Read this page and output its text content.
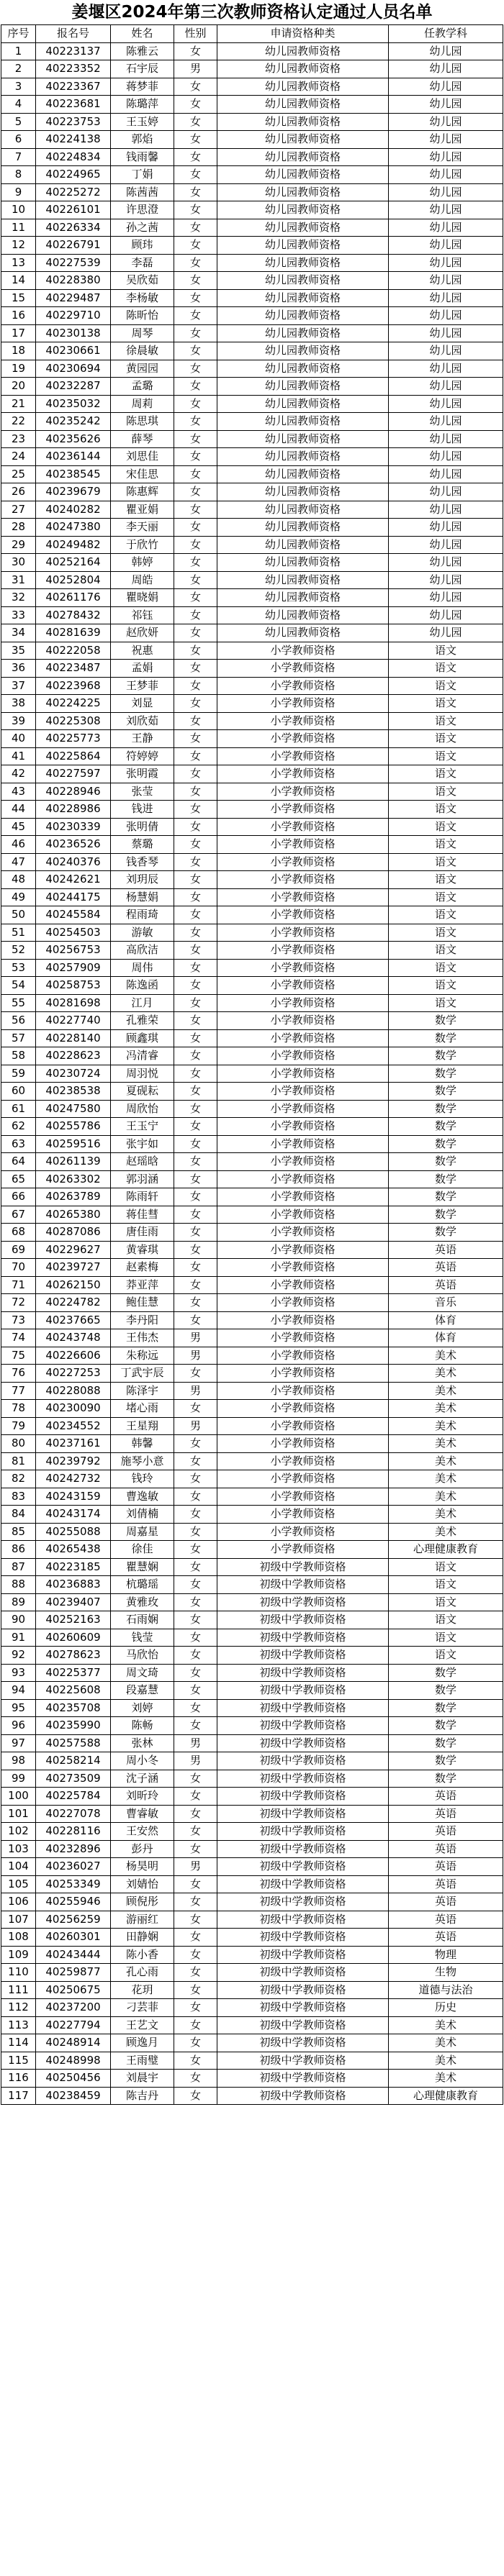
姜堰区2024年第三次教师资格认定通过人员名单
序号	报名号	姓名	性别	申请资格种类	任教学科
1	40223137	陈雅云	女	幼儿园教师资格	幼儿园
2	40223352	石宇辰	男	幼儿园教师资格	幼儿园
3	40223367	蒋梦菲	女	幼儿园教师资格	幼儿园
4	40223681	陈璐萍	女	幼儿园教师资格	幼儿园
5	40223753	王玉婷	女	幼儿园教师资格	幼儿园
6	40224138	郭焰	女	幼儿园教师资格	幼儿园
7	40224834	钱雨馨	女	幼儿园教师资格	幼儿园
8	40224965	丁娟	女	幼儿园教师资格	幼儿园
9	40225272	陈茜茜	女	幼儿园教师资格	幼儿园
10	40226101	许思澄	女	幼儿园教师资格	幼儿园
11	40226334	孙之茜	女	幼儿园教师资格	幼儿园
12	40226791	顾玮	女	幼儿园教师资格	幼儿园
13	40227539	李磊	女	幼儿园教师资格	幼儿园
14	40228380	吴欣茹	女	幼儿园教师资格	幼儿园
15	40229487	李杨敏	女	幼儿园教师资格	幼儿园
16	40229710	陈昕怡	女	幼儿园教师资格	幼儿园
17	40230138	周琴	女	幼儿园教师资格	幼儿园
18	40230661	徐晨敏	女	幼儿园教师资格	幼儿园
19	40230694	黄园园	女	幼儿园教师资格	幼儿园
20	40232287	孟璐	女	幼儿园教师资格	幼儿园
21	40235032	周莉	女	幼儿园教师资格	幼儿园
22	40235242	陈思琪	女	幼儿园教师资格	幼儿园
23	40235626	薛琴	女	幼儿园教师资格	幼儿园
24	40236144	刘思佳	女	幼儿园教师资格	幼儿园
25	40238545	宋佳思	女	幼儿园教师资格	幼儿园
26	40239679	陈惠辉	女	幼儿园教师资格	幼儿园
27	40240282	瞿亚娟	女	幼儿园教师资格	幼儿园
28	40247380	李天丽	女	幼儿园教师资格	幼儿园
29	40249482	于欣竹	女	幼儿园教师资格	幼儿园
30	40252164	韩婷	女	幼儿园教师资格	幼儿园
31	40252804	周皓	女	幼儿园教师资格	幼儿园
32	40261176	瞿晓娟	女	幼儿园教师资格	幼儿园
33	40278432	祁钰	女	幼儿园教师资格	幼儿园
34	40281639	赵欣妍	女	幼儿园教师资格	幼儿园
35	40222058	祝惠	女	小学教师资格	语文
36	40223487	孟娟	女	小学教师资格	语文
37	40223968	王梦菲	女	小学教师资格	语文
38	40224225	刘显	女	小学教师资格	语文
39	40225308	刘欣茹	女	小学教师资格	语文
40	40225773	王静	女	小学教师资格	语文
41	40225864	符婷婷	女	小学教师资格	语文
42	40227597	张明霞	女	小学教师资格	语文
43	40228946	张莹	女	小学教师资格	语文
44	40228986	钱进	女	小学教师资格	语文
45	40230339	张明倩	女	小学教师资格	语文
46	40236526	蔡璐	女	小学教师资格	语文
47	40240376	钱香琴	女	小学教师资格	语文
48	40242621	刘玥辰	女	小学教师资格	语文
49	40244175	杨慧娟	女	小学教师资格	语文
50	40245584	程雨琦	女	小学教师资格	语文
51	40254503	游敏	女	小学教师资格	语文
52	40256753	高欣洁	女	小学教师资格	语文
53	40257909	周伟	女	小学教师资格	语文
54	40258753	陈逸函	女	小学教师资格	语文
55	40281698	江月	女	小学教师资格	语文
56	40227740	孔雅荣	女	小学教师资格	数学
57	40228140	顾鑫琪	女	小学教师资格	数学
58	40228623	冯清睿	女	小学教师资格	数学
59	40230724	周羽悦	女	小学教师资格	数学
60	40238538	夏砚耘	女	小学教师资格	数学
61	40247580	周欣怡	女	小学教师资格	数学
62	40255786	王玉宁	女	小学教师资格	数学
63	40259516	张宇如	女	小学教师资格	数学
64	40261139	赵瑶晗	女	小学教师资格	数学
65	40263302	郭羽涵	女	小学教师资格	数学
66	40263789	陈雨轩	女	小学教师资格	数学
67	40265380	蒋佳彗	女	小学教师资格	数学
68	40287086	唐佳雨	女	小学教师资格	数学
69	40229627	黄睿琪	女	小学教师资格	英语
70	40239727	赵素梅	女	小学教师资格	英语
71	40262150	莽亚萍	女	小学教师资格	英语
72	40224782	鲍佳慧	女	小学教师资格	音乐
73	40237665	李丹阳	女	小学教师资格	体育
74	40243748	王伟杰	男	小学教师资格	体育
75	40226606	朱称远	男	小学教师资格	美术
76	40227253	丁武宇辰	女	小学教师资格	美术
77	40228088	陈泽宇	男	小学教师资格	美术
78	40230090	堵心雨	女	小学教师资格	美术
79	40234552	王星翔	男	小学教师资格	美术
80	40237161	韩馨	女	小学教师资格	美术
81	40239792	施琴小意	女	小学教师资格	美术
82	40242732	钱玲	女	小学教师资格	美术
83	40243159	曹逸敏	女	小学教师资格	美术
84	40243174	刘倩楠	女	小学教师资格	美术
85	40255088	周嘉星	女	小学教师资格	美术
86	40265438	徐佳	女	小学教师资格	心理健康教育
87	40223185	瞿慧娴	女	初级中学教师资格	语文
88	40236883	杭璐瑶	女	初级中学教师资格	语文
89	40239407	黄雅玫	女	初级中学教师资格	语文
90	40252163	石雨娴	女	初级中学教师资格	语文
91	40260609	钱莹	女	初级中学教师资格	语文
92	40278623	马欣怡	女	初级中学教师资格	语文
93	40225377	周文琦	女	初级中学教师资格	数学
94	40225608	段嘉慧	女	初级中学教师资格	数学
95	40235708	刘婷	女	初级中学教师资格	数学
96	40235990	陈畅	女	初级中学教师资格	数学
97	40257588	张林	男	初级中学教师资格	数学
98	40258214	周小冬	男	初级中学教师资格	数学
99	40273509	沈子涵	女	初级中学教师资格	数学
100	40225784	刘昕玲	女	初级中学教师资格	英语
101	40227078	曹睿敏	女	初级中学教师资格	英语
102	40228116	王安然	女	初级中学教师资格	英语
103	40232896	彭丹	女	初级中学教师资格	英语
104	40236027	杨昊明	男	初级中学教师资格	英语
105	40253349	刘婧怡	女	初级中学教师资格	英语
106	40255946	顾倪彤	女	初级中学教师资格	英语
107	40256259	游丽红	女	初级中学教师资格	英语
108	40260301	田静娴	女	初级中学教师资格	英语
109	40243444	陈小香	女	初级中学教师资格	物理
110	40259877	孔心雨	女	初级中学教师资格	生物
111	40250675	花玥	女	初级中学教师资格	道德与法治
112	40237200	刁芸菲	女	初级中学教师资格	历史
113	40227794	王艺文	女	初级中学教师资格	美术
114	40248914	顾逸月	女	初级中学教师资格	美术
115	40248998	王雨璧	女	初级中学教师资格	美术
116	40250456	刘晨宇	女	初级中学教师资格	美术
117	40238459	陈吉丹	女	初级中学教师资格	心理健康教育
